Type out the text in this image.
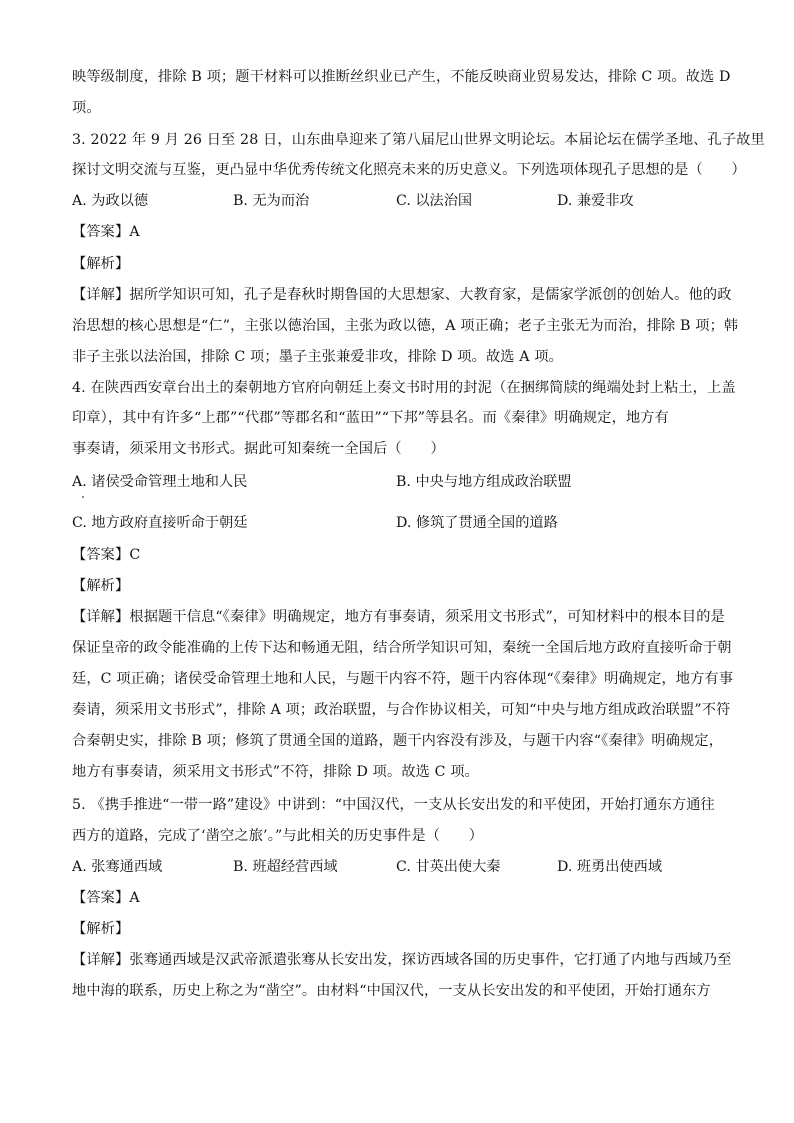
映等级制度，排除 B 项；题干材料可以推断丝织业已产生，不能反映商业贸易发达，排除 C 项。故选 D
项。
3. 2022 年 9 月 26 日至 28 日，山东曲阜迎来了第八届尼山世界文明论坛。本届论坛在儒学圣地、孔子故里
探讨文明交流与互鉴，更凸显中华优秀传统文化照亮未来的历史意义。下列选项体现孔子思想的是（　　）
A. 为政以德	B. 无为而治	C. 以法治国	D. 兼爱非攻
【答案】A
【解析】
【详解】据所学知识可知，孔子是春秋时期鲁国的大思想家、大教育家，是儒家学派创的创始人。他的政
治思想的核心思想是“仁”，主张以德治国，主张为政以德，A 项正确；老子主张无为而治，排除 B 项；韩
非子主张以法治国，排除 C 项；墨子主张兼爱非攻，排除 D 项。故选 A 项。
4. 在陕西西安章台出土的秦朝地方官府向朝廷上奏文书时用的封泥（在捆绑简牍的绳端处封上粘土，上盖
印章），其中有许多“上郡”“代郡”等郡名和“蓝田”“下邦”等县名。而《秦律》明确规定，地方有
事奏请，须采用文书形式。据此可知秦统一全国后（　　）
A. 诸侯受命管理土地和人民	B. 中央与地方组成政治联盟
C. 地方政府直接听命于朝廷	D. 修筑了贯通全国的道路
【答案】C
【解析】
【详解】根据题干信息“《秦律》明确规定，地方有事奏请，须采用文书形式”，可知材料中的根本目的是
保证皇帝的政令能准确的上传下达和畅通无阻，结合所学知识可知，秦统一全国后地方政府直接听命于朝
廷，C 项正确；诸侯受命管理土地和人民，与题干内容不符，题干内容体现“《秦律》明确规定，地方有事
奏请，须采用文书形式”，排除 A 项；政治联盟，与合作协议相关，可知“中央与地方组成政治联盟”不符
合秦朝史实，排除 B 项；修筑了贯通全国的道路，题干内容没有涉及，与题干内容“《秦律》明确规定，
地方有事奏请，须采用文书形式”不符，排除 D 项。故选 C 项。
5. 《携手推进“一带一路”建设》中讲到：“中国汉代，一支从长安出发的和平使团，开始打通东方通往
西方的道路，完成了‘凿空之旅’。”与此相关的历史事件是（　　）
A. 张骞通西域	B. 班超经营西域	C. 甘英出使大秦	D. 班勇出使西域
【答案】A
【解析】
【详解】张骞通西域是汉武帝派遣张骞从长安出发，探访西域各国的历史事件，它打通了内地与西域乃至
地中海的联系，历史上称之为“凿空”。由材料“中国汉代，一支从长安出发的和平使团，开始打通东方
